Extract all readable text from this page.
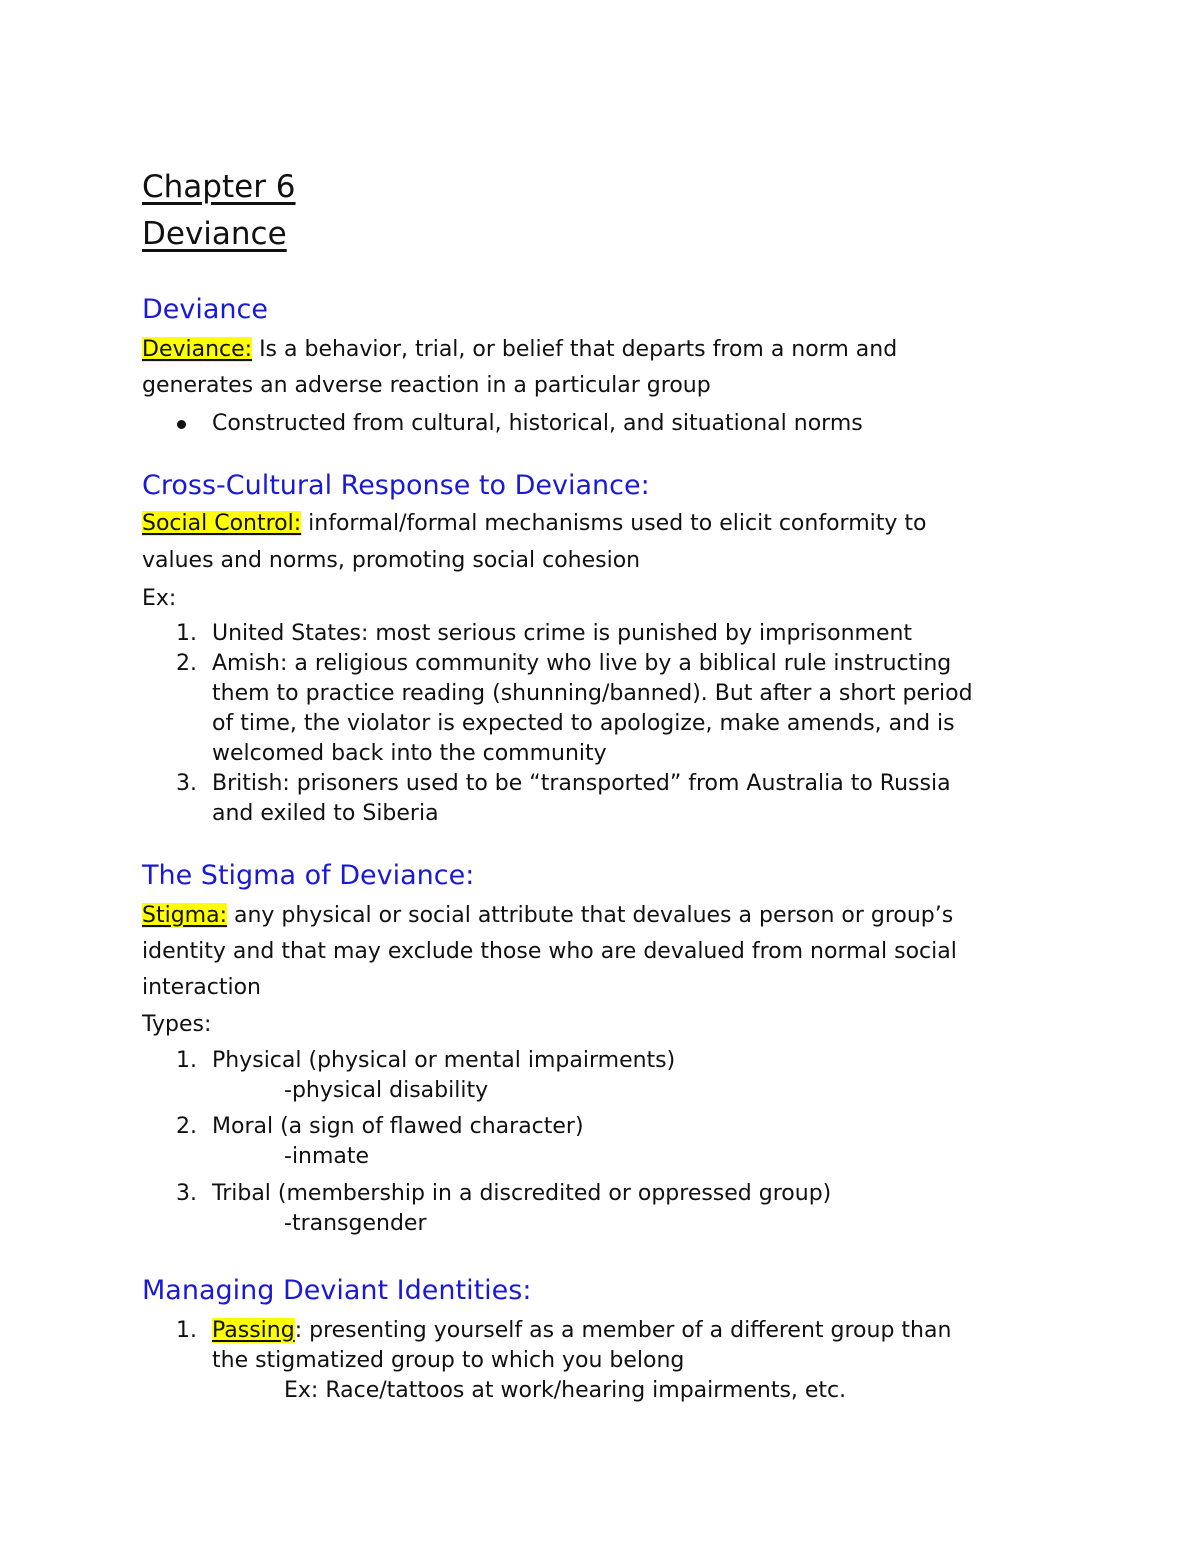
Chapter 6
Deviance
Deviance
Deviance: Is a behavior, trial, or belief that departs from a norm and
generates an adverse reaction in a particular group
Constructed from cultural, historical, and situational norms
Cross-Cultural Response to Deviance:
Social Control: informal/formal mechanisms used to elicit conformity to
values and norms, promoting social cohesion
Ex:
1. United States: most serious crime is punished by imprisonment
2. Amish: a religious community who live by a biblical rule instructing
them to practice reading (shunning/banned). But after a short period
of time, the violator is expected to apologize, make amends, and is
welcomed back into the community
3. British: prisoners used to be “transported” from Australia to Russia
and exiled to Siberia
The Stigma of Deviance:
Stigma: any physical or social attribute that devalues a person or group’s
identity and that may exclude those who are devalued from normal social
interaction
Types:
1. Physical (physical or mental impairments)
-physical disability
2. Moral (a sign of flawed character)
-inmate
3. Tribal (membership in a discredited or oppressed group)
-transgender
Managing Deviant Identities:
1. Passing: presenting yourself as a member of a different group than
the stigmatized group to which you belong
Ex: Race/tattoos at work/hearing impairments, etc.
